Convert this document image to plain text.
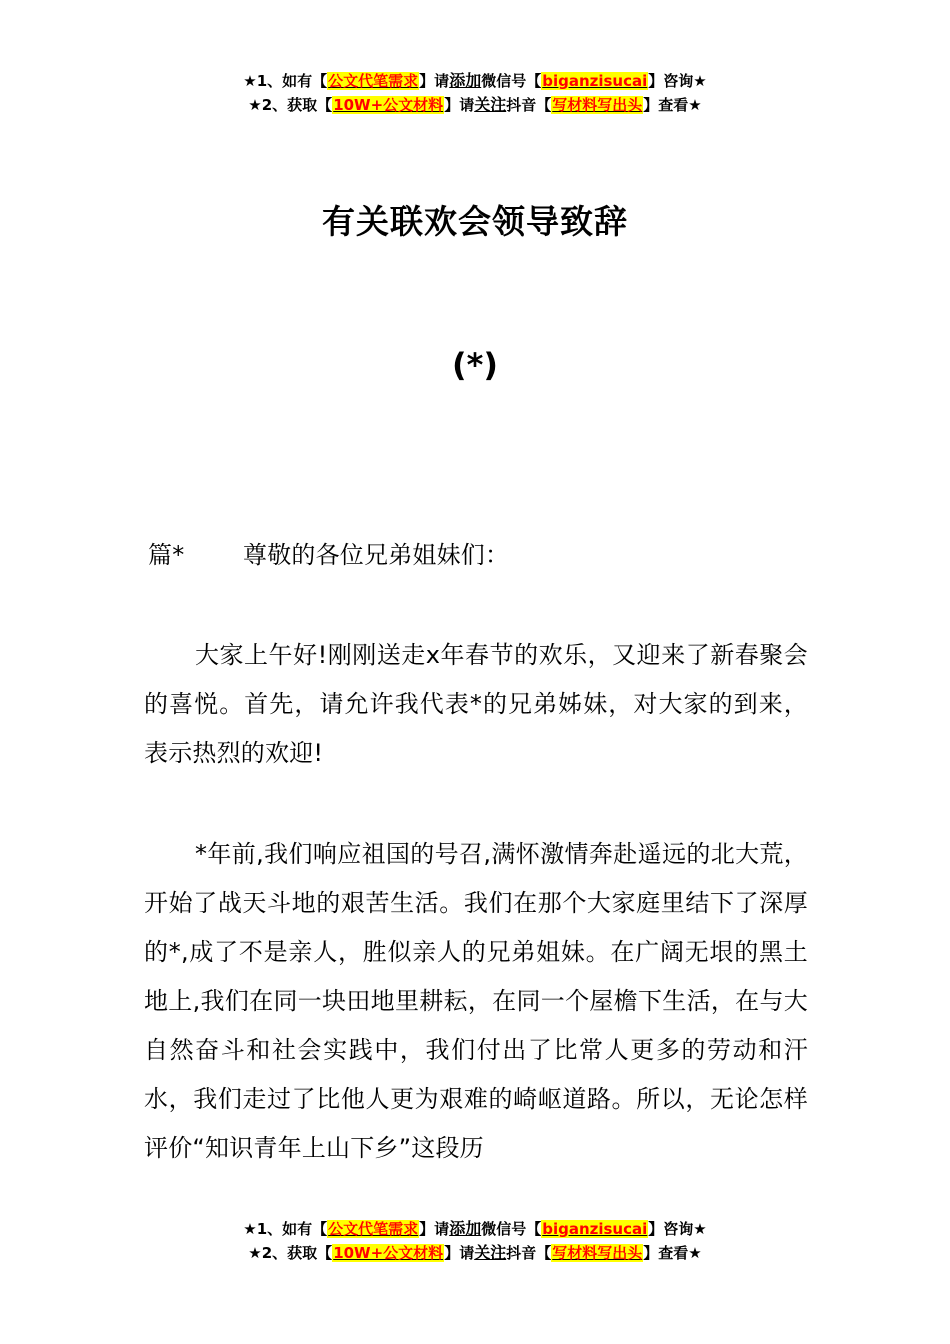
★1、如有【公文代笔需求】请添加微信号【biganzisucai】咨询★
★2、获取【10W+公文材料】请关注抖音【写材料写出头】查看★
有关联欢会领导致辞
(*)
篇* 尊敬的各位兄弟姐妹们：
大家上午好!刚刚送走x年春节的欢乐，又迎来了新春聚会的喜悦。首先，请允许我代表*的兄弟姊妹，对大家的到来，表示热烈的欢迎!
*年前,我们响应祖国的号召,满怀激情奔赴遥远的北大荒，开始了战天斗地的艰苦生活。我们在那个大家庭里结下了深厚的*,成了不是亲人，胜似亲人的兄弟姐妹。在广阔无垠的黑土地上,我们在同一块田地里耕耘，在同一个屋檐下生活，在与大自然奋斗和社会实践中，我们付出了比常人更多的劳动和汗水，我们走过了比他人更为艰难的崎岖道路。所以，无论怎样评价“知识青年上山下乡”这段历
★1、如有【公文代笔需求】请添加微信号【biganzisucai】咨询★
★2、获取【10W+公文材料】请关注抖音【写材料写出头】查看★
